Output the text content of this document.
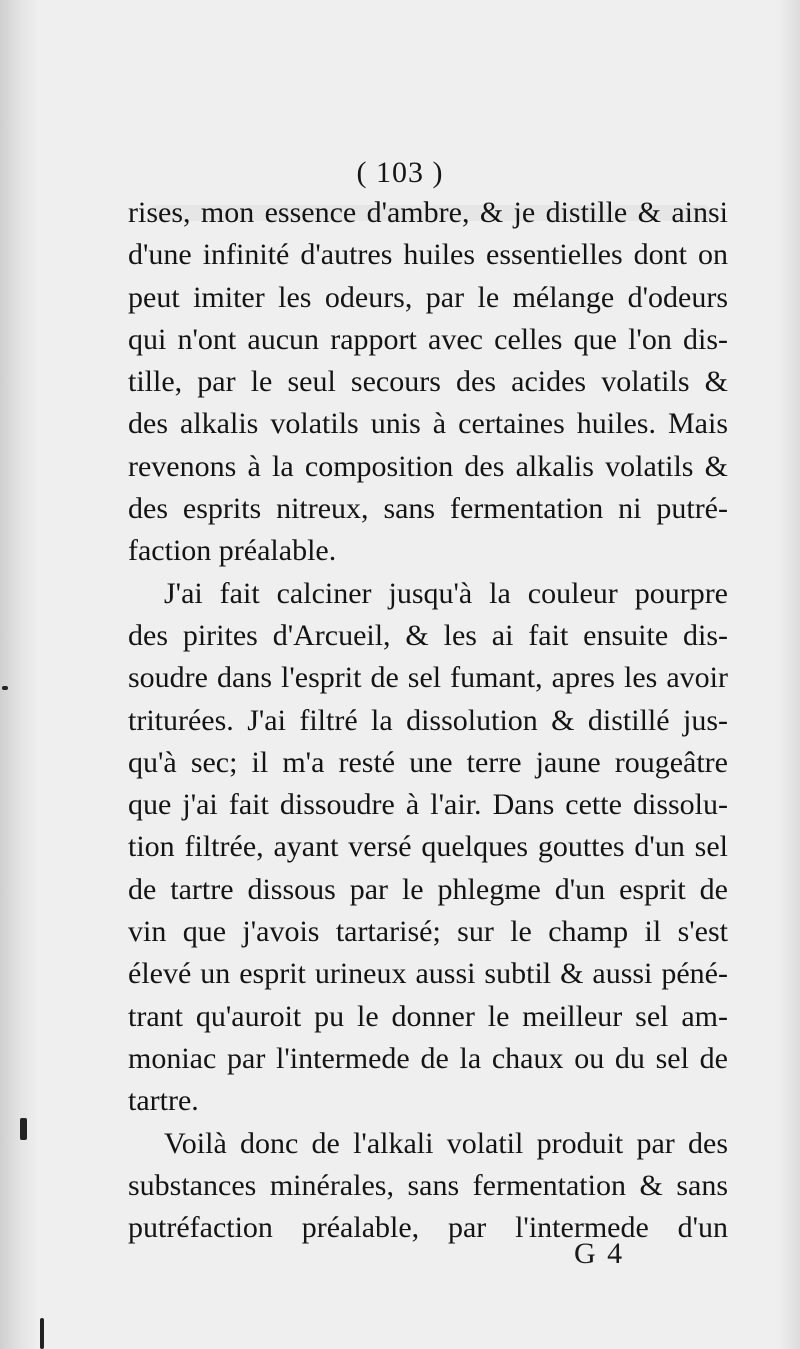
( 103 )
rises, mon essence d'ambre, & je distille & ainsi
d'une infinité d'autres huiles essentielles dont on
peut imiter les odeurs, par le mélange d'odeurs
qui n'ont aucun rapport avec celles que l'on dis-
tille, par le seul secours des acides volatils &
des alkalis volatils unis à certaines huiles. Mais
revenons à la composition des alkalis volatils &
des esprits nitreux, sans fermentation ni putré-
faction préalable.
J'ai fait calciner jusqu'à la couleur pourpre
des pirites d'Arcueil, & les ai fait ensuite dis-
soudre dans l'esprit de sel fumant, apres les avoir
triturées. J'ai filtré la dissolution & distillé jus-
qu'à sec; il m'a resté une terre jaune rougeâtre
que j'ai fait dissoudre à l'air. Dans cette dissolu-
tion filtrée, ayant versé quelques gouttes d'un sel
de tartre dissous par le phlegme d'un esprit de
vin que j'avois tartarisé; sur le champ il s'est
élevé un esprit urineux aussi subtil & aussi péné-
trant qu'auroit pu le donner le meilleur sel am-
moniac par l'intermede de la chaux ou du sel de
tartre.
Voilà donc de l'alkali volatil produit par des
substances minérales, sans fermentation & sans
putréfaction préalable, par l'intermede d'un
G 4
